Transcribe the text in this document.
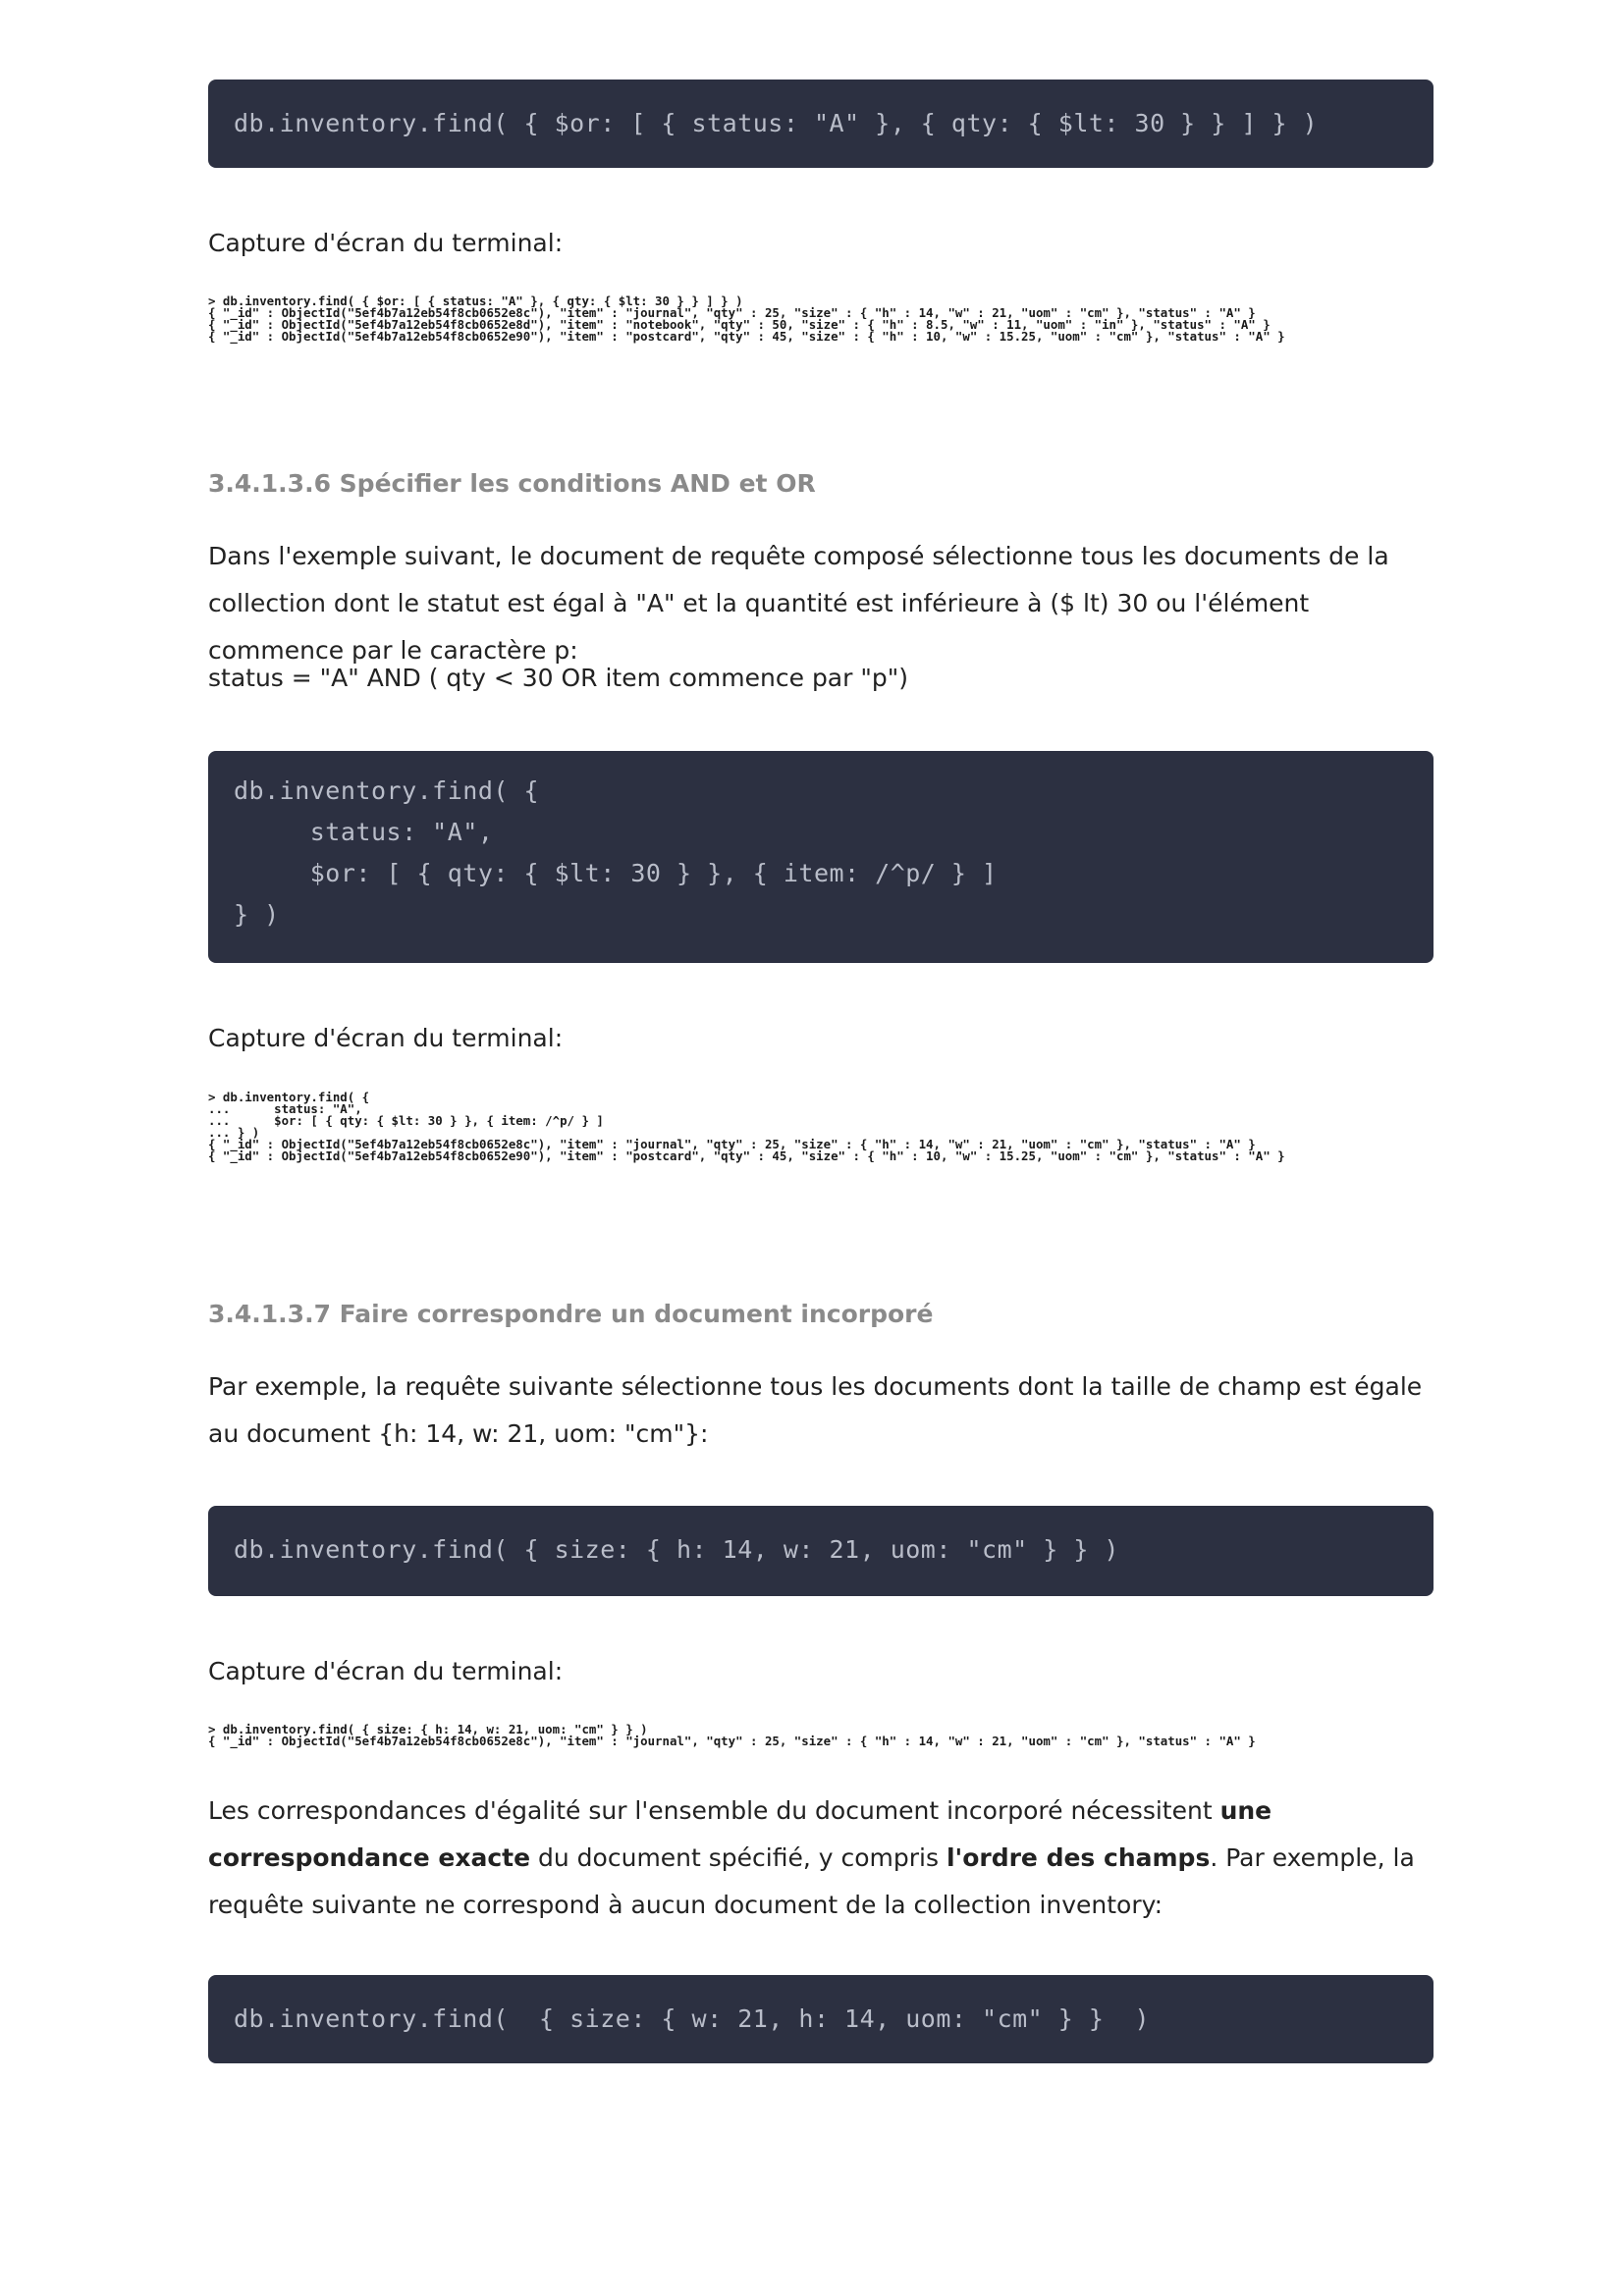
db.inventory.find( { $or: [ { status: "A" }, { qty: { $lt: 30 } } ] } )

Capture d'écran du terminal:

> db.inventory.find( { $or: [ { status: "A" }, { qty: { $lt: 30 } } ] } )
{ "_id" : ObjectId("5ef4b7a12eb54f8cb0652e8c"), "item" : "journal", "qty" : 25, "size" : { "h" : 14, "w" : 21, "uom" : "cm" }, "status" : "A" }
{ "_id" : ObjectId("5ef4b7a12eb54f8cb0652e8d"), "item" : "notebook", "qty" : 50, "size" : { "h" : 8.5, "w" : 11, "uom" : "in" }, "status" : "A" }
{ "_id" : ObjectId("5ef4b7a12eb54f8cb0652e90"), "item" : "postcard", "qty" : 45, "size" : { "h" : 10, "w" : 15.25, "uom" : "cm" }, "status" : "A" }
3.4.1.3.6 Spécifier les conditions AND et OR

Dans l'exemple suivant, le document de requête composé sélectionne tous les documents de la collection dont le statut est égal à "A" et la quantité est inférieure à ($ lt) 30 ou l'élément commence par le caractère p:

status = "A" AND ( qty < 30 OR item commence par "p")

db.inventory.find( {
status: "A",
$or: [ { qty: { $lt: 30 } }, { item: /^p/ } ]
} )

Capture d'écran du terminal:

> db.inventory.find( {
...      status: "A",
...      $or: [ { qty: { $lt: 30 } }, { item: /^p/ } ]
... } )
{ "_id" : ObjectId("5ef4b7a12eb54f8cb0652e8c"), "item" : "journal", "qty" : 25, "size" : { "h" : 14, "w" : 21, "uom" : "cm" }, "status" : "A" }
{ "_id" : ObjectId("5ef4b7a12eb54f8cb0652e90"), "item" : "postcard", "qty" : 45, "size" : { "h" : 10, "w" : 15.25, "uom" : "cm" }, "status" : "A" }
3.4.1.3.7 Faire correspondre un document incorporé

Par exemple, la requête suivante sélectionne tous les documents dont la taille de champ est égale au document {h: 14, w: 21, uom: "cm"}:

db.inventory.find( { size: { h: 14, w: 21, uom: "cm" } } )

Capture d'écran du terminal:

> db.inventory.find( { size: { h: 14, w: 21, uom: "cm" } } )
{ "_id" : ObjectId("5ef4b7a12eb54f8cb0652e8c"), "item" : "journal", "qty" : 25, "size" : { "h" : 14, "w" : 21, "uom" : "cm" }, "status" : "A" }

Les correspondances d'égalité sur l'ensemble du document incorporé nécessitent une correspondance exacte du document spécifié, y compris l'ordre des champs. Par exemple, la requête suivante ne correspond à aucun document de la collection inventory:

db.inventory.find(  { size: { w: 21, h: 14, uom: "cm" } }  )
